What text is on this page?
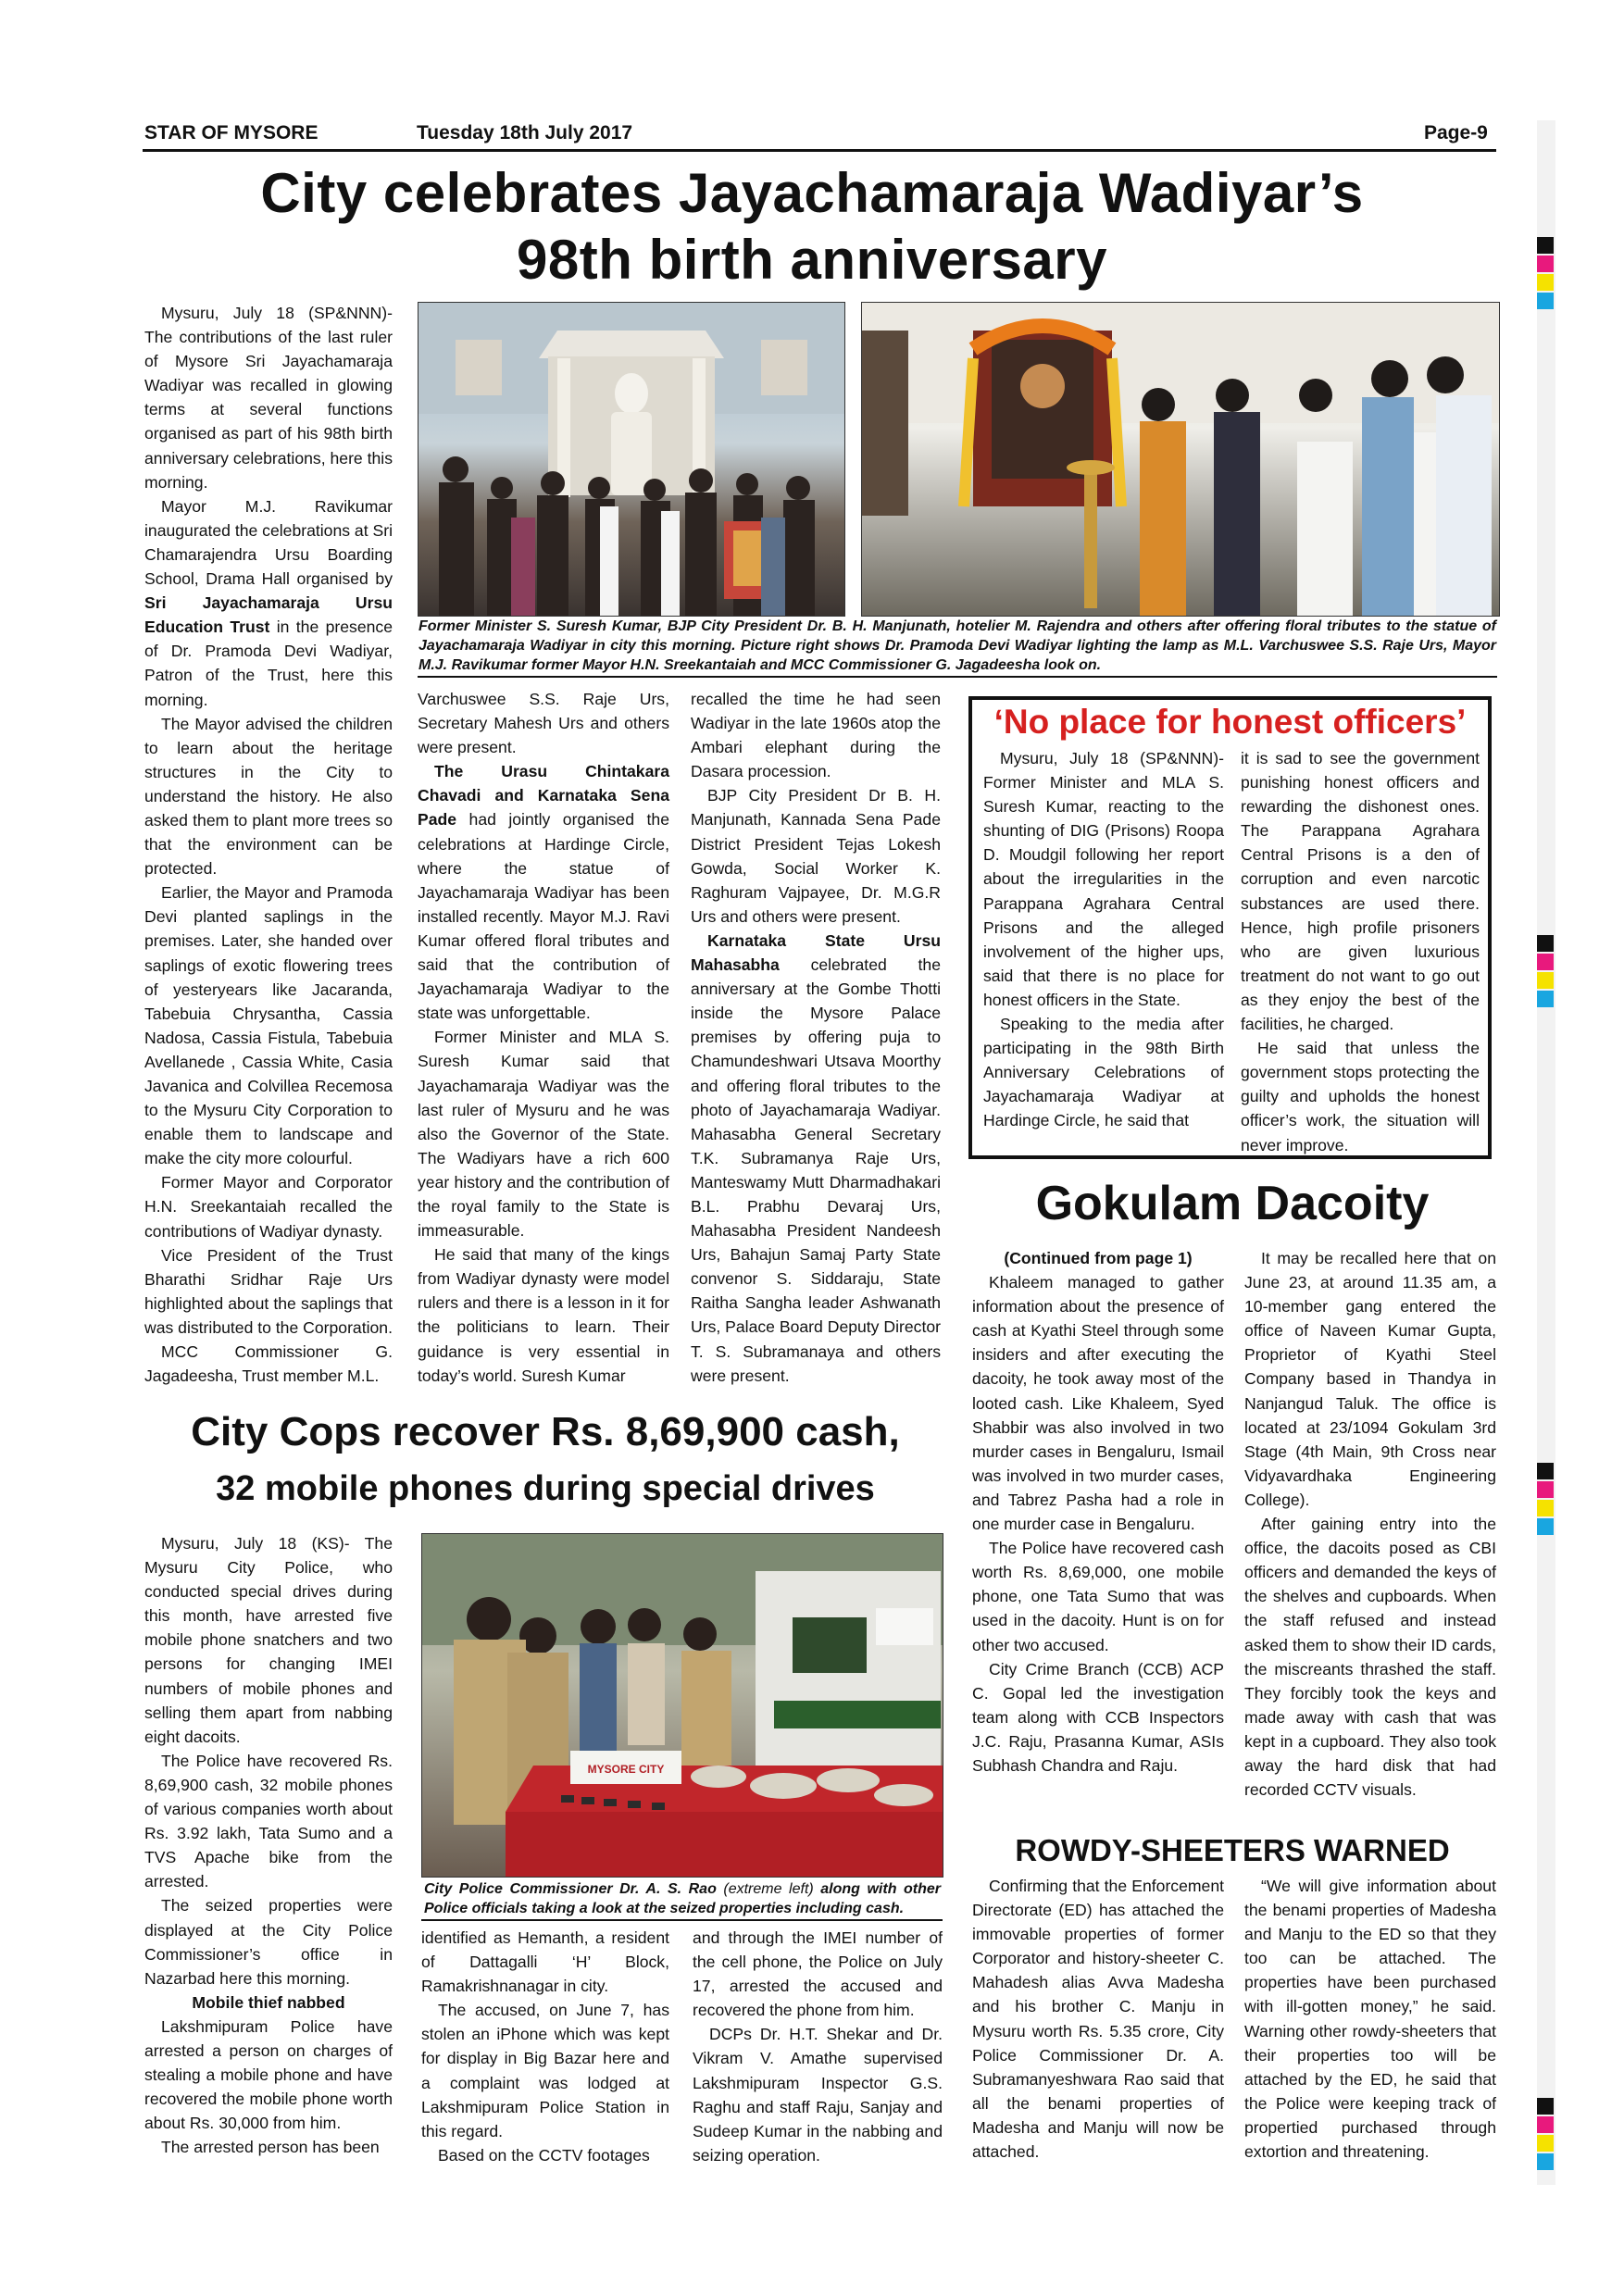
STAR OF MYSORE	Tuesday 18th July 2017	Page-9
City celebrates Jayachamaraja Wadiyar’s
98th birth anniversary

Mysuru, July 18 (SP&NNN)- The contributions of the last ruler of Mysore Sri Jayachamaraja Wadiyar was recalled in glowing terms at several functions organised as part of his 98th birth anniversary celebrations, here this morning.

Mayor M.J. Ravikumar inaugurated the celebrations at Sri Chamarajendra Ursu Boarding School, Drama Hall organised by Sri Jayachamaraja Ursu Education Trust in the presence of Dr. Pramoda Devi Wadiyar, Patron of the Trust, here this morning.

The Mayor advised the children to learn about the heritage structures in the City to understand the history. He also asked them to plant more trees so that the environment can be protected.

Earlier, the Mayor and Pramoda Devi planted saplings in the premises. Later, she handed over saplings of exotic flowering trees of yesteryears like Jacaranda, Tabebuia Chrysantha, Cassia Nadosa, Cassia Fistula, Tabebuia Avellanede , Cassia White, Casia Javanica and Colvillea Recemosa to the Mysuru City Corporation to enable them to landscape and make the city more colourful.

Former Mayor and Corporator H.N. Sreekantaiah recalled the contributions of Wadiyar dynasty.

Vice President of the Trust Bharathi Sridhar Raje Urs highlighted about the saplings that was distributed to the Corporation.

MCC Commissioner G. Jagadeesha, Trust member M.L.

Former Minister S. Suresh Kumar, BJP City President Dr. B. H. Manjunath, hotelier M. Rajendra and others after offering floral tributes to the statue of Jayachamaraja Wadiyar in city this morning. Picture right shows Dr. Pramoda Devi Wadiyar lighting the lamp as M.L. Varchuswee S.S. Raje Urs, Mayor M.J. Ravikumar former Mayor H.N. Sreekantaiah and MCC Commissioner G. Jagadeesha look on.

Varchuswee S.S. Raje Urs, Secretary Mahesh Urs and others were present.

The Urasu Chintakara Chavadi and Karnataka Sena Pade had jointly organised the celebrations at Hardinge Circle, where the statue of Jayachamaraja Wadiyar has been installed recently. Mayor M.J. Ravi Kumar offered floral tributes and said that the contribution of Jayachamaraja Wadiyar to the state was unforgettable.

Former Minister and MLA S. Suresh Kumar said that Jayachamaraja Wadiyar was the last ruler of Mysuru and he was also the Governor of the State. The Wadiyars have a rich 600 year history and the contribution of the royal family to the State is immeasurable.

He said that many of the kings from Wadiyar dynasty were model rulers and there is a lesson in it for the politicians to learn. Their guidance is very essential in today’s world. Suresh Kumar

recalled the time he had seen Wadiyar in the late 1960s atop the Ambari elephant during the Dasara procession.

BJP City President Dr B. H. Manjunath, Kannada Sena Pade District President Tejas Lokesh Gowda, Social Worker K. Raghuram Vajpayee, Dr. M.G.R Urs and others were present.

Karnataka State Ursu Mahasabha celebrated the anniversary at the Gombe Thotti inside the Mysore Palace premises by offering puja to Chamundeshwari Utsava Moorthy and offering floral tributes to the photo of Jayachamaraja Wadiyar. Mahasabha General Secretary T.K. Subramanya Raje Urs, Manteswamy Mutt Dharmadhakari B.L. Prabhu Devaraj Urs, Mahasabha President Nandeesh Urs, Bahajun Samaj Party State convenor S. Siddaraju, State Raitha Sangha leader Ashwanath Urs, Palace Board Deputy Director T. S. Subramanaya and others were present.

‘No place for honest officers’

Mysuru, July 18 (SP&NNN)- Former Minister and MLA S. Suresh Kumar, reacting to the shunting of DIG (Prisons) Roopa D. Moudgil following her report about the irregularities in the Parappana Agrahara Central Prisons and the alleged involvement of the higher ups, said that there is no place for honest officers in the State.

Speaking to the media after participating in the 98th Birth Anniversary Celebrations of Jayachamaraja Wadiyar at Hardinge Circle, he said that

it is sad to see the government punishing honest officers and rewarding the dishonest ones. The Parappana Agrahara Central Prisons is a den of corruption and even narcotic substances are used there. Hence, high profile prisoners who are given luxurious treatment do not want to go out as they enjoy the best of the facilities, he charged.

He said that unless the government stops protecting the guilty and upholds the honest officer’s work, the situation will never improve.

Gokulam Dacoity

(Continued from page 1)

Khaleem managed to gather information about the presence of cash at Kyathi Steel through some insiders and after executing the dacoity, he took away most of the looted cash. Like Khaleem, Syed Shabbir was also involved in two murder cases in Bengaluru, Ismail was involved in two murder cases, and Tabrez Pasha had a role in one murder case in Bengaluru.

The Police have recovered cash worth Rs. 8,69,000, one mobile phone, one Tata Sumo that was used in the dacoity. Hunt is on for other two accused.

City Crime Branch (CCB) ACP C. Gopal led the investigation team along with CCB Inspectors J.C. Raju, Prasanna Kumar, ASIs Subhash Chandra and Raju.

It may be recalled here that on June 23, at around 11.35 am, a 10-member gang entered the office of Naveen Kumar Gupta, Proprietor of Kyathi Steel Company based in Thandya in Nanjangud Taluk. The office is located at 23/1094 Gokulam 3rd Stage (4th Main, 9th Cross near Vidyavardhaka Engineering College).

After gaining entry into the office, the dacoits posed as CBI officers and demanded the keys of the shelves and cupboards. When the staff refused and instead asked them to show their ID cards, the miscreants thrashed the staff. They forcibly took the keys and made away with cash that was kept in a cupboard. They also took away the hard disk that had recorded CCTV visuals.

ROWDY-SHEETERS WARNED

Confirming that the Enforcement Directorate (ED) has attached the immovable properties of former Corporator and history-sheeter C. Mahadesh alias Avva Madesha and his brother C. Manju in Mysuru worth Rs. 5.35 crore, City Police Commissioner Dr. A. Subramanyeshwara Rao said that all the benami properties of Madesha and Manju will now be attached.

“We will give information about the benami properties of Madesha and Manju to the ED so that they too can be attached. The properties have been purchased with ill-gotten money,” he said. Warning other rowdy-sheeters that their properties too will be attached by the ED, he said that the Police were keeping track of propertied purchased through extortion and threatening.

City Cops recover Rs. 8,69,900 cash,
32 mobile phones during special drives

Mysuru, July 18 (KS)- The Mysuru City Police, who conducted special drives during this month, have arrested five mobile phone snatchers and two persons for changing IMEI numbers of mobile phones and selling them apart from nabbing eight dacoits.

The Police have recovered Rs. 8,69,900 cash, 32 mobile phones of various companies worth about Rs. 3.92 lakh, Tata Sumo and a TVS Apache bike from the arrested.

The seized properties were displayed at the City Police Commissioner’s office in Nazarbad here this morning.

Mobile thief nabbed

Lakshmipuram Police have arrested a person on charges of stealing a mobile phone and have recovered the mobile phone worth about Rs. 30,000 from him.

The arrested person has been

MYSORE CITY
City Police Commissioner Dr. A. S. Rao (extreme left) along with other Police officials taking a look at the seized properties including cash.

identified as Hemanth, a resident of Dattagalli ‘H’ Block, Ramakrishnanagar in city.

The accused, on June 7, has stolen an iPhone which was kept for display in Big Bazar here and a complaint was lodged at Lakshmipuram Police Station in this regard.

Based on the CCTV footages

and through the IMEI number of the cell phone, the Police on July 17, arrested the accused and recovered the phone from him.

DCPs Dr. H.T. Shekar and Dr. Vikram V. Amathe supervised Lakshmipuram Inspector G.S. Raghu and staff Raju, Sanjay and Sudeep Kumar in the nabbing and seizing operation.
